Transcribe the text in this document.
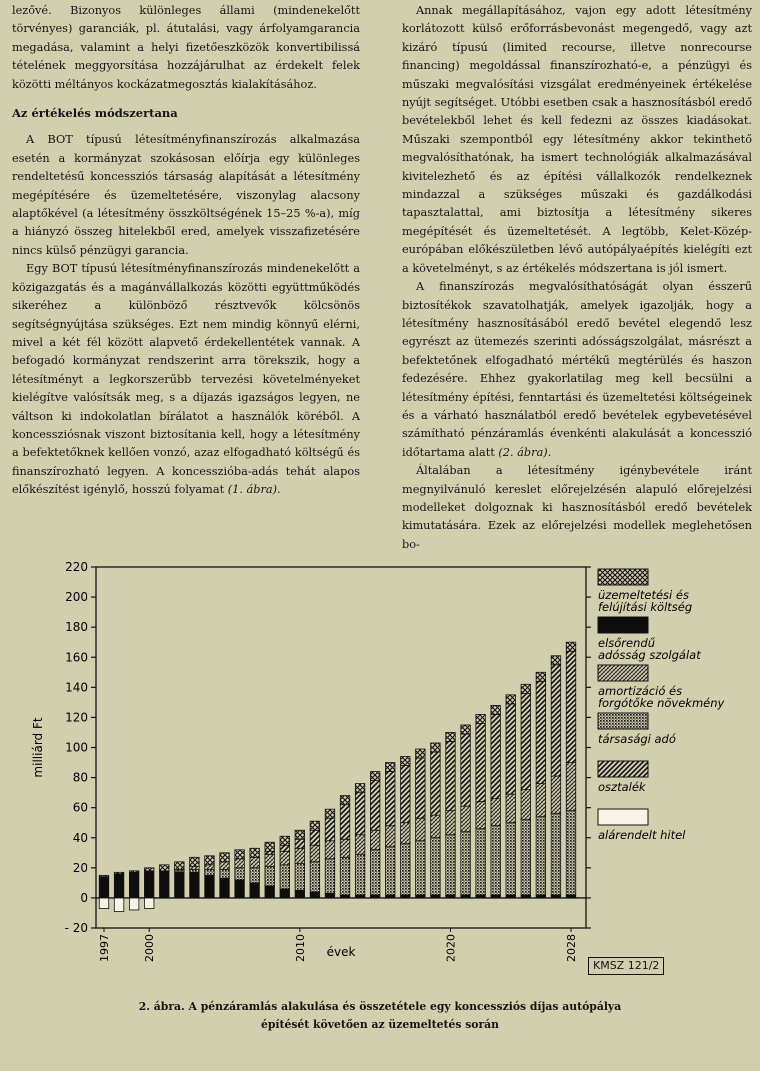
lezővé. Bizonyos különleges állami (mindenekelőtt törvényes) garanciák, pl. átutalási, vagy árfolyamgarancia megadása, valamint a helyi fizetőeszközök konvertibilissá tételének meggyorsítása hozzájárulhat az érdekelt felek közötti méltányos kockázatmegosztás kialakításához.

Az értékelés módszertana

A BOT típusú létesítményfinanszírozás alkalmazása esetén a kormányzat szokásosan előírja egy különleges rendeltetésű koncessziós társaság alapítását a létesítmény megépítésére és üzemeltetésére, viszonylag alacsony alaptőkével (a létesítmény összköltségének 15–25 %-a), míg a hiányzó összeg hitelekből ered, amelyek visszafizetésére nincs külső pénzügyi garancia.

Egy BOT típusú létesítményfinanszírozás mindenekelőtt a közigazgatás és a magánvállalkozás közötti együttműködés sikeréhez a különböző résztvevők kölcsönös segítségnyújtása szükséges. Ezt nem mindig könnyű elérni, mivel a két fél között alapvető érdekellentétek vannak. A befogadó kormányzat rendszerint arra törekszik, hogy a létesítményt a legkorszerűbb tervezési követelményeket kielégítve valósítsák meg, s a díjazás igazságos legyen, ne váltson ki indokolatlan bírálatot a használók köréből. A koncessziósnak viszont biztosítania kell, hogy a létesítmény a befektetőknek kellően vonzó, azaz elfogadható költségű és finanszírozható legyen. A koncesszióba-adás tehát alapos előkészítést igénylő, hosszú folyamat (1. ábra).

Annak megállapításához, vajon egy adott létesítmény korlátozott külső erőforrásbevonást megengedő, vagy azt kizáró típusú (limited recourse, illetve nonrecourse financing) megoldással finanszírozható-e, a pénzügyi és műszaki megvalósítási vizsgálat eredményeinek értékelése nyújt segítséget. Utóbbi esetben csak a hasznosításból eredő bevételekből lehet és kell fedezni az összes kiadásokat. Műszaki szempontból egy létesítmény akkor tekinthető megvalósíthatónak, ha ismert technológiák alkalmazásával kivitelezhető és az építési vállalkozók rendelkeznek mindazzal a szükséges műszaki és gazdálkodási tapasztalattal, ami biztosítja a létesítmény sikeres megépítését és üzemeltetését. A legtöbb, Kelet-Közép-európában előkészületben lévő autópályaépítés kielégíti ezt a követelményt, s az értékelés módszertana is jól ismert.

A finanszírozás megvalósíthatóságát olyan ésszerű biztosítékok szavatolhatják, amelyek igazolják, hogy a létesítmény hasznosításából eredő bevétel elegendő lesz egyrészt az ütemezés szerinti adósságszolgálat, másrészt a befektetőnek elfogadható mértékű megtérülés és haszon fedezésére. Ehhez gyakorlatilag meg kell becsülni a létesítmény építési, fenntartási és üzemeltetési költségeinek és a várható használatból eredő bevételek egybevetésével számítható pénzáramlás évenkénti alakulását a koncesszió időtartama alatt (2. ábra).

Általában a létesítmény igénybevétele iránt megnyilvánuló kereslet előrejelzésén alapuló előrejelzési modelleket dolgoznak ki hasznosításból eredő bevételek kimutatására. Ezek az előrejelzési modellek meglehetősen bo-

- 20
0
20
40
60
80
100
120
140
160
180
200
220
milliárd Ft
évek
1997	2000	2010	2020	2028
üzemeltetési és
felújítási költség
elsőrendű
adósság szolgálat
amortizáció és
forgótőke növekmény
társasági adó
osztalék
alárendelt hitel
KMSZ 121/2
2. ábra. A pénzáramlás alakulása és összetétele egy koncessziós díjas autópálya
építését követően az üzemeltetés során
